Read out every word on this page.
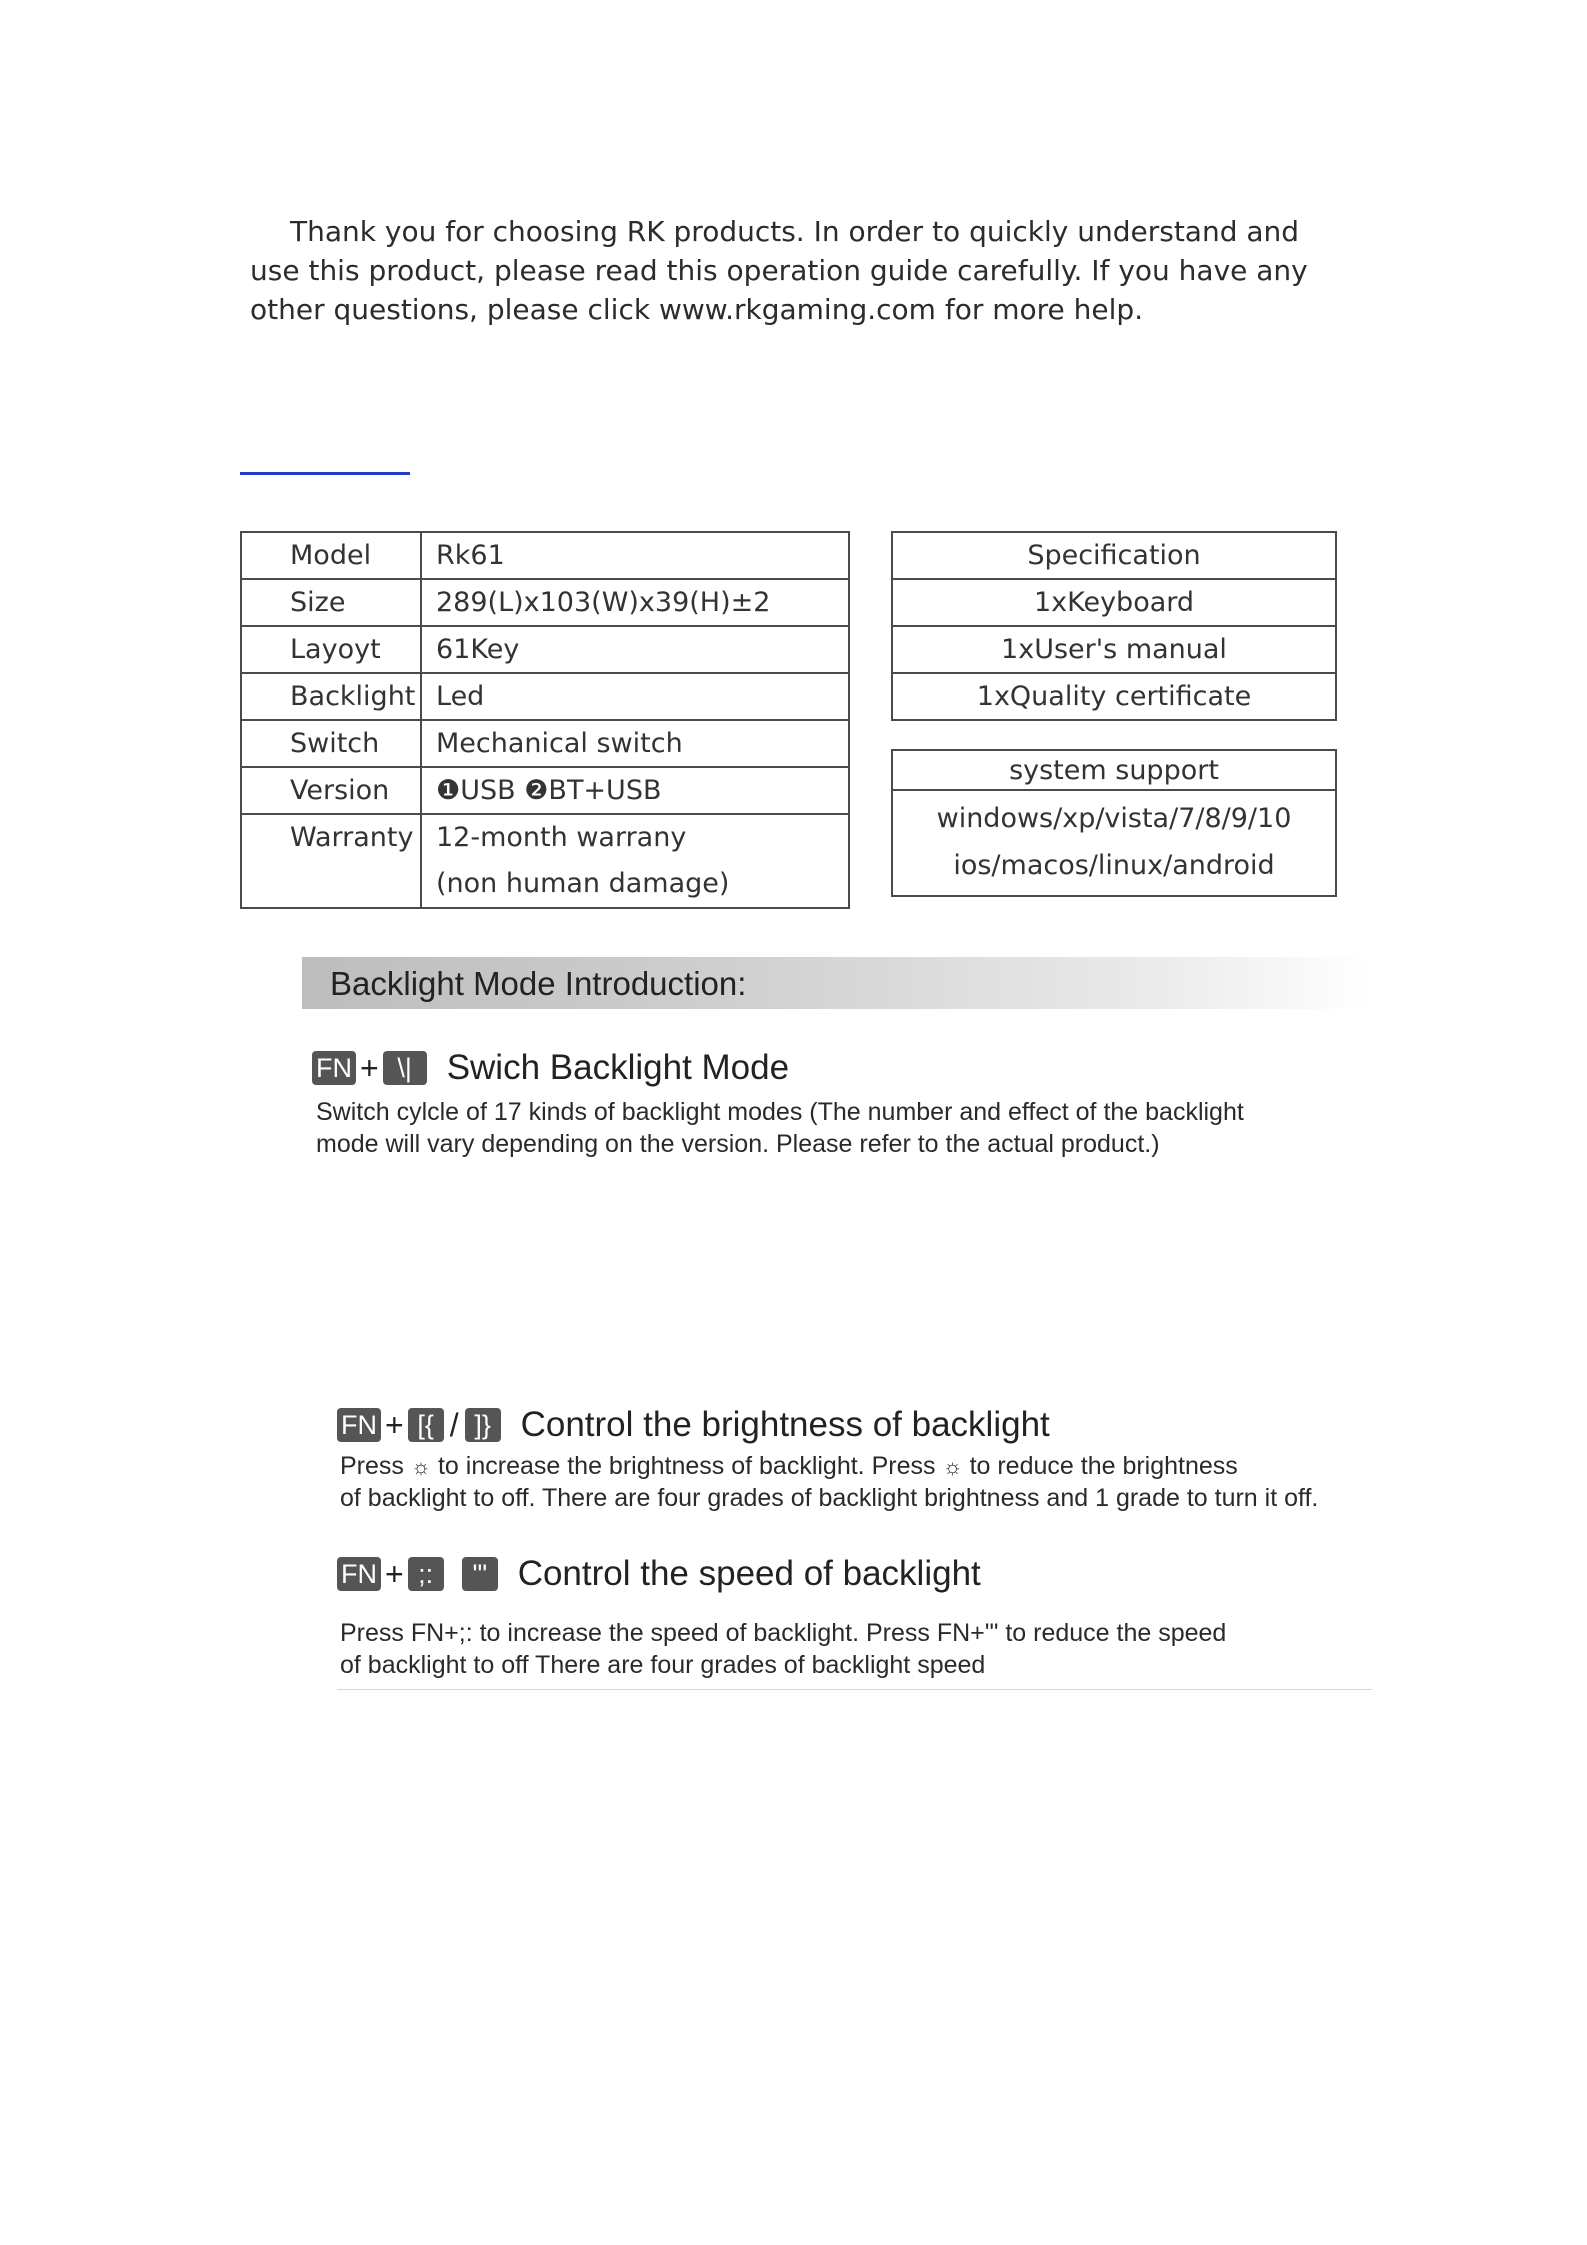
Thank you for choosing RK products. In order to quickly understand and use this product, please read this operation guide carefully. If you have any other questions, please click www.rkgaming.com for more help.

Model	Rk61
Size	289(L)x103(W)x39(H)±2
Layoyt	61Key
Backlight	Led
Switch	Mechanical switch
Version	❶USB ❷BT+USB
Warranty	12-month warrany
(non human damage)
Specification
1xKeyboard
1xUser's manual
1xQuality certificate
system support

windows/xp/vista/7/8/9/10
ios/macos/linux/android
Backlight Mode Introduction:
FN + \| Swich Backlight Mode

Switch cylcle of 17 kinds of backlight modes (The number and effect of the backlight

mode will vary depending on the version. Please refer to the actual product.)

FN + [{ / ]} Control the brightness of backlight

Press ☼ to increase the brightness of backlight. Press ☼ to reduce the brightness

of backlight to off. There are four grades of backlight brightness and 1 grade to turn it off.

FN + ;:	'" Control the speed of backlight

Press FN+;: to increase the speed of backlight. Press FN+'" to reduce the speed

of backlight to off There are four grades of backlight speed
